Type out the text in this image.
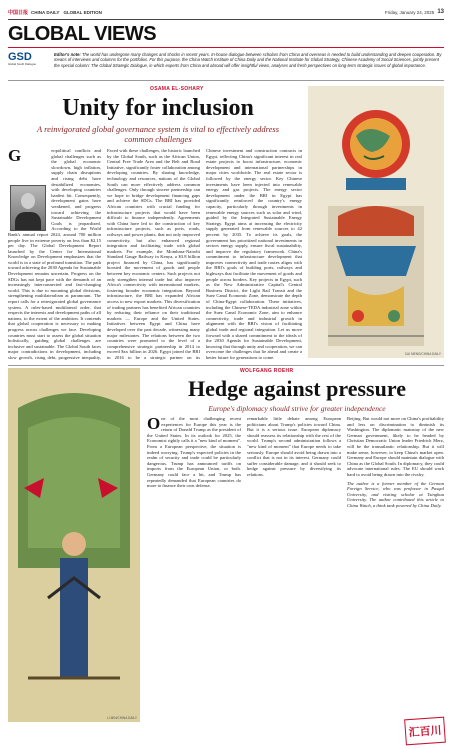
中国日报 CHINA DAILY GLOBAL EDITION	Friday, January 24, 2025 13
GLOBAL VIEWS
GSD
Global South Dialogue
Editor's note: The world has undergone many changes and shocks in recent years. In-house dialogue between scholars from China and overseas is needed to build understanding and deepen cooperation. By means of interviews and columns for the portfolios. For this purpose, the China Watch Institute of China Daily and the National Institute for Global Strategy, Chinese Academy of Social Sciences, jointly present the special column: The Global Strategic Dialogue, in which experts from China and abroad will offer insightful views, analyses and fresh perspectives on long-term strategic issues of global importance.
OSAMA EL-SOHARY
Unity for inclusion
A reinvigorated global governance system is vital to effectively address common challenges
G	eopolitical conflicts and global challenges such as the global economic slowdown, high inflation, supply chain disruptions and rising debt have destabilized economies, with developing countries hardest hit. Consequently, development gains have weakened, and progress toward achieving the Sustainable Development Goals is jeopardized. According to the World Bank's annual report 2024, around 700 million people live in extreme poverty on less than $2.15 per day. The Global Development Report launched by the Center for International Knowledge on Development emphasizes that the world is in a state of profound transition. The path toward achieving the 2030 Agenda for Sustainable Development remains uncertain. Progress on the SDGs has not kept pace with the demands of an increasingly interconnected and fast-changing world. This is due to mounting global divisions, strengthening multilateralism at paramount. The report calls for a reinvigorated global governance system. A rules-based multilateral order, that respects the interests and development paths of all nations, to the extent of the ambition. It contends that global cooperation is necessary to making progress across challenges we face. Developing countries must start to assess the global situation holistically, guiding global challenges are inclusive and sustainable. The Global South faces major contradictions in development, including slow growth, rising debt, progressive inequality,
Faced with these challenges, the historic launched by the Global South, such as the African Union, Central Free Trade Area and the Belt and Road Initiative, significantly foster collaboration among developing countries. By sharing knowledge, technology and resources, nations of the Global South can more effectively address common challenges. Only through sincere partnership can we hope to bridge development financing gaps and achieve the SDGs. The BRI has provided African countries with crucial funding for infrastructure projects that would have been difficult to finance independently. Agreements with China have led to the construction of key infrastructure projects, such as ports, roads, railways and power plants, that not only improved connectivity, but also enhanced regional integration and facilitating trade with global markets. For example, the Mombasa-Nairobi Standard Gauge Railway in Kenya, a $3.8 billion project financed by China, has significantly boosted the movement of goods and people between key economic centers. Such projects not only strengthen internal trade but also improve Africa's connectivity with international markets, fostering broader economic integration. Beyond infrastructure, the BRI has expanded African access to new export markets. This diversification of trading partners has benefited African countries by reducing their reliance on their traditional markets — Europe and the United States. Initiatives between Egypt and China have developed over the past decade, witnessing many major milestones. The relations between the two countries were promoted to the level of a comprehensive strategic partnership in 2014 to exceed $xx billion in 2026. Egypt joined the BRI in 2016 to be a strategic partner on its
Chinese investment and construction contracts in Egypt, reflecting China's significant interest in real estate projects to boost infrastructure, economic development and international partnerships in major cities worldwide. The real estate sector is followed by the energy sector. Key Chinese investments have been injected into renewable energy and gas projects. The energy sector development under the BRI in Egypt has significantly reinforced the country's energy capacity, particularly through investments in renewable energy sources such as solar and wind, guided by the Integrated Sustainable Energy Strategy. Egypt aims at increasing the electricity supply generated from renewable sources to 42 percent by 2035. To achieve its goals, the government has prioritized national investments in sectors energy supply, ensure fiscal sustainability, and improve the regulatory framework. China's commitment to infrastructure development that improves connectivity and trade routes aligns with the BRI's goals of building ports, railways and highways that facilitate the movement of goods and people across borders. Key projects in Egypt, such as the New Administrative Capital's Central Business District, the Light Rail Transit and the Suez Canal Economic Zone, demonstrate the depth of China-Egypt collaboration. These initiatives, including the Chinese-TEDA industrial zone within the Suez Canal Economic Zone, aim to enhance connectivity, trade and industrial growth in alignment with the BRI's vision of facilitating global trade and regional integration. Let us move forward with a shared commitment to the ideals of the 2030 Agenda for Sustainable Development, knowing that through unity and cooperation, we can overcome the challenges that lie ahead and create a better future for generations to come.
CAI MENG/CHINA DAILY
LI MIN/CHINA DAILY
WOLFGANG ROEHR
Hedge against pressure
Europe's diplomacy should strive for greater independence
O ne of the most challenging recent experiences for Europe this year is the return of Donald Trump as the president of the United States. In its outlook for 2025, the Economist rightly calls it a "new kind of moment". From a European perspective, the situation is indeed worrying. Trump's expected policies in the realm of security and trade could be particularly dangerous. Trump has announced tariffs on imports from the European Union, or both. Germany could face a hit, and Trump has repeatedly demanded that European countries do more to finance their own defense.
remarkable little debate among European politicians about Trump's policies toward China. But it is a serious issue. European diplomacy should reassess its relationship with the rest of the world. Trump's second administration follows a "new kind of moment" that Europe needs to take seriously. Europe should avoid being drawn into a conflict that is not in its interest. Germany could suffer considerable damage, and it should seek to hedge against pressure by diversifying its relations.
Beijing. But would not more on China's profitability and less on discrimination to diminish its Washington. The diplomatic mainstay of the new German government, likely to be headed by Christian Democratic Union leader Friedrich Merz, will be the transatlantic relationship. But it will make sense, however, to keep China's market open. Germany and Europe should maintain dialogue with China as the Global South. In diplomacy, they could advocate international rules. The EU should work hard to avoid being drawn into the rivalry.
The author is a former member of the German Foreign Service, who was professor in Pasqal University, and visiting scholar at Tsinghua University. The author contributed this article to China Watch, a think tank powered by China Daily.
汇百川
